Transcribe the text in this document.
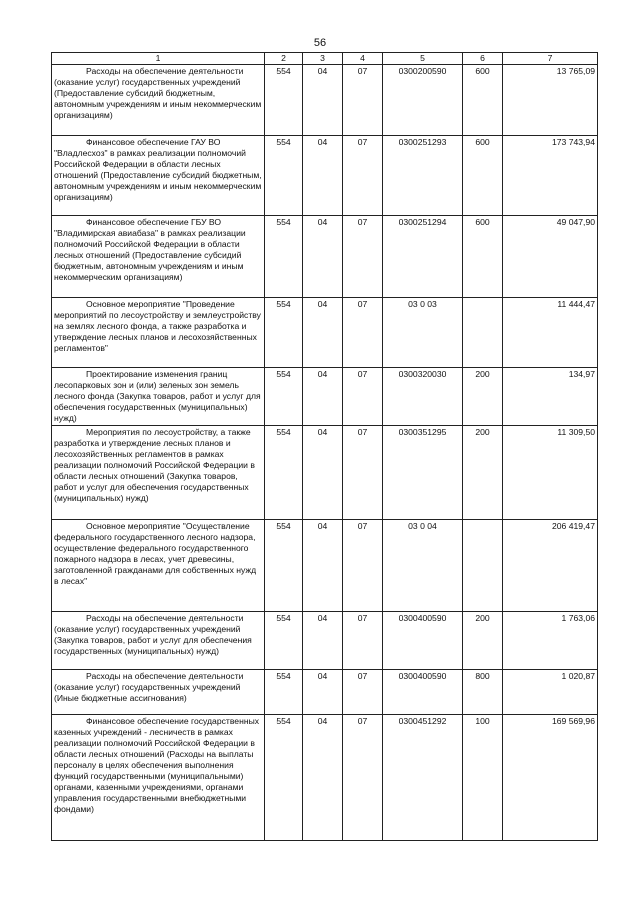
56
1	2	3	4	5	6	7
Расходы на обеспечение деятельности (оказание услуг) государственных учреждений (Предоставление субсидий бюджетным, автономным учреждениям и иным некоммерческим организациям)	554	04	07	0300200590	600	13 765,09
Финансовое обеспечение ГАУ ВО "Владлесхоз" в рамках реализации полномочий Российской Федерации в области лесных отношений (Предоставление субсидий бюджетным, автономным учреждениям и иным некоммерческим организациям)	554	04	07	0300251293	600	173 743,94
Финансовое обеспечение ГБУ ВО "Владимирская авиабаза" в рамках реализации полномочий Российской Федерации в области лесных отношений (Предоставление субсидий бюджетным, автономным учреждениям и иным некоммерческим организациям)	554	04	07	0300251294	600	49 047,90
Основное мероприятие "Проведение мероприятий по лесоустройству и землеустройству на землях лесного фонда, а также разработка и утверждение лесных планов и лесохозяйственных регламентов"	554	04	07	03 0 03		11 444,47
Проектирование изменения границ лесопарковых зон и (или) зеленых зон земель лесного фонда (Закупка товаров, работ и услуг для обеспечения государственных (муниципальных) нужд)	554	04	07	0300320030	200	134,97
Мероприятия по лесоустройству, а также разработка и утверждение лесных планов и лесохозяйственных регламентов в рамках реализации полномочий Российской Федерации в области лесных отношений (Закупка товаров, работ и услуг для обеспечения государственных (муниципальных) нужд)	554	04	07	0300351295	200	11 309,50
Основное мероприятие "Осуществление федерального государственного лесного надзора, осуществление федерального государственного пожарного надзора в лесах, учет древесины, заготовленной гражданами для собственных нужд в лесах"	554	04	07	03 0 04		206 419,47
Расходы на обеспечение деятельности (оказание услуг) государственных учреждений (Закупка товаров, работ и услуг для обеспечения государственных (муниципальных) нужд)	554	04	07	0300400590	200	1 763,06
Расходы на обеспечение деятельности (оказание услуг) государственных учреждений (Иные бюджетные ассигнования)	554	04	07	0300400590	800	1 020,87
Финансовое обеспечение государственных казенных учреждений - лесничеств в рамках реализации полномочий Российской Федерации в области лесных отношений (Расходы на выплаты персоналу в целях обеспечения выполнения функций государственными (муниципальными) органами, казенными учреждениями, органами управления государственными внебюджетными фондами)	554	04	07	0300451292	100	169 569,96
